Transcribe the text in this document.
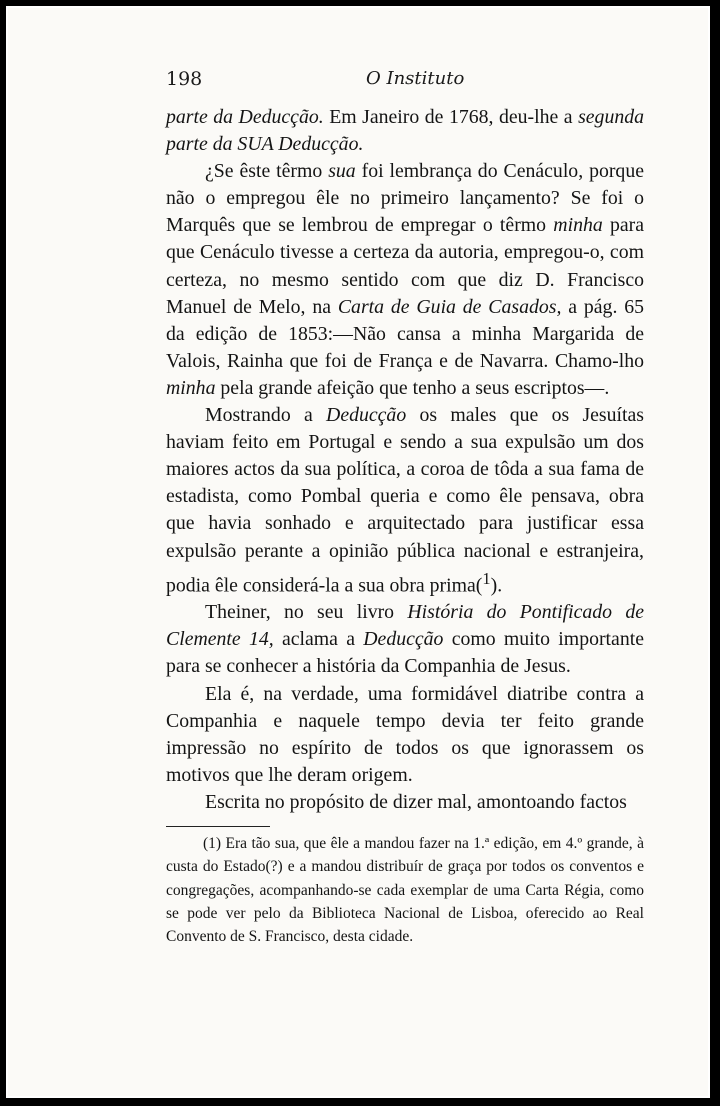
198	O Instituto

parte da Deducção. Em Janeiro de 1768, deu-lhe a segunda parte da SUA Deducção.

¿Se êste têrmo sua foi lembrança do Cenáculo, porque não o empregou êle no primeiro lançamento? Se foi o Marquês que se lembrou de empregar o têrmo minha para que Cenáculo tivesse a certeza da autoria, empregou-o, com certeza, no mesmo sentido com que diz D. Francisco Manuel de Melo, na Carta de Guia de Casados, a pág. 65 da edição de 1853:—Não cansa a minha Margarida de Valois, Rainha que foi de França e de Navarra. Chamo-lho minha pela grande afeição que tenho a seus escriptos—.

Mostrando a Deducção os males que os Jesuítas haviam feito em Portugal e sendo a sua expulsão um dos maiores actos da sua política, a coroa de tôda a sua fama de estadista, como Pombal queria e como êle pensava, obra que havia sonhado e arquitectado para justificar essa expulsão perante a opinião pública nacional e estranjeira, podia êle considerá-la a sua obra prima($^1$).

Theiner, no seu livro História do Pontificado de Clemente 14, aclama a Deducção como muito importante para se conhecer a história da Companhia de Jesus.

Ela é, na verdade, uma formidável diatribe contra a Companhia e naquele tempo devia ter feito grande impressão no espírito de todos os que ignorassem os motivos que lhe deram origem.

Escrita no propósito de dizer mal, amontoando factos

(1) Era tão sua, que êle a mandou fazer na 1.ª edição, em 4.º grande, à custa do Estado(?) e a mandou distribuír de graça por todos os conventos e congregações, acompanhando-se cada exemplar de uma Carta Régia, como se pode ver pelo da Biblioteca Nacional de Lisboa, oferecido ao Real Convento de S. Francisco, desta cidade.
